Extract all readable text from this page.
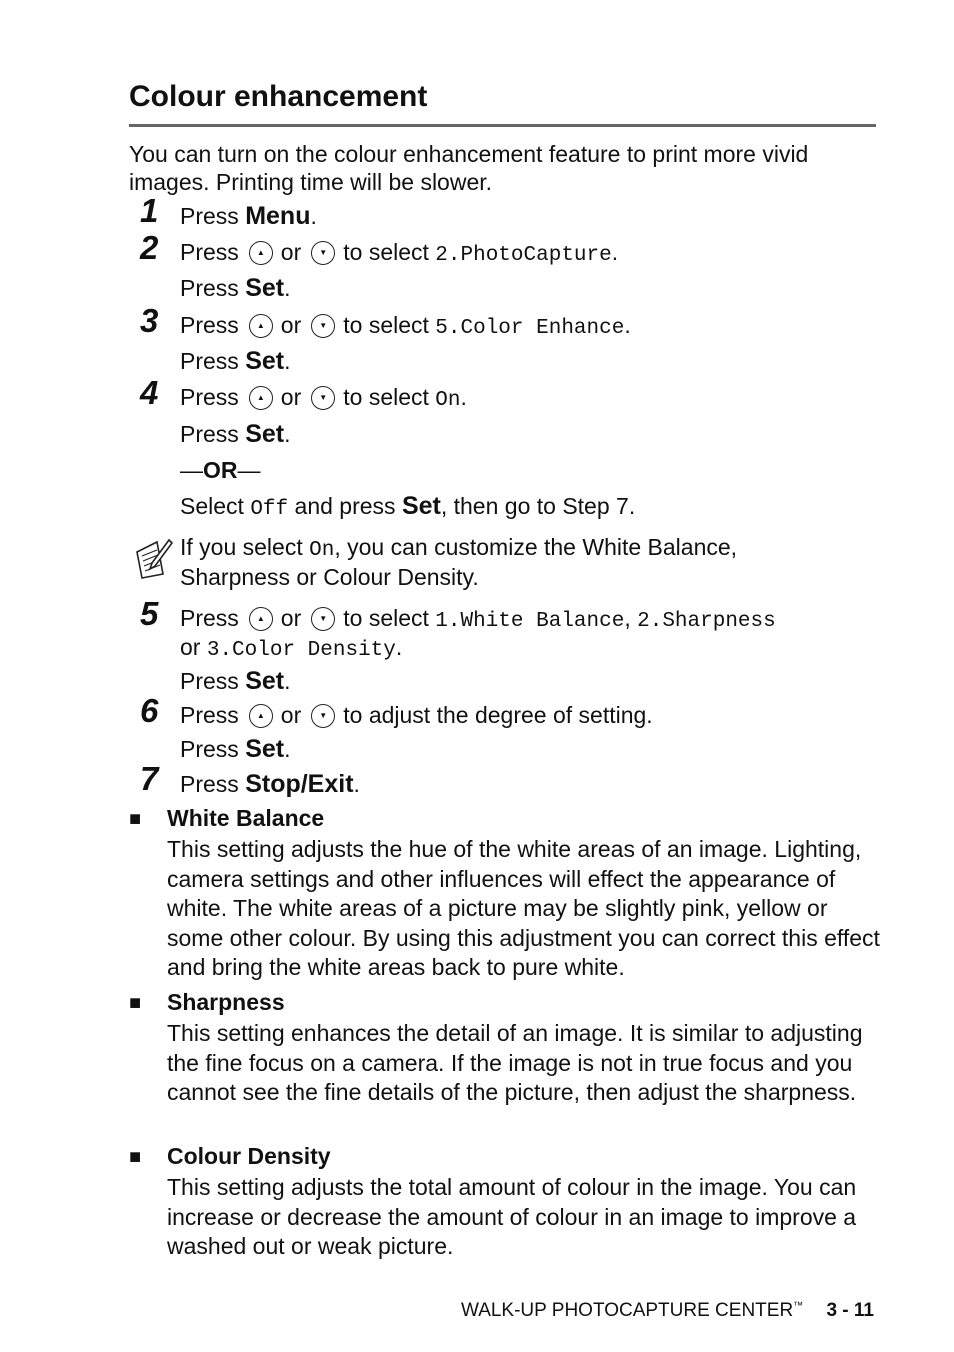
Colour enhancement

You can turn on the colour enhancement feature to print more vivid images. Printing time will be slower.

1 Press Menu.
2 Press	▲ or	▼ to select 2.PhotoCapture.
Press Set.
3 Press	▲ or	▼ to select 5.Color Enhance.
Press Set.
4 Press	▲ or	▼ to select On.
Press Set.
—OR—
Select Off and press Set, then go to Step 7.
If you select On, you can customize the White Balance,
Sharpness or Colour Density.
5 Press	▲ or	▼ to select 1.White Balance, 2.Sharpness
or 3.Color Density.
Press Set.
6 Press	▲ or	▼ to adjust the degree of setting.
Press Set.
7 Press Stop/Exit.
■ White Balance

This setting adjusts the hue of the white areas of an image. Lighting, camera settings and other influences will effect the appearance of white. The white areas of a picture may be slightly pink, yellow or some other colour. By using this adjustment you can correct this effect and bring the white areas back to pure white.

■ Sharpness

This setting enhances the detail of an image. It is similar to adjusting the fine focus on a camera. If the image is not in true focus and you cannot see the fine details of the picture, then adjust the sharpness.

■ Colour Density

This setting adjusts the total amount of colour in the image. You can increase or decrease the amount of colour in an image to improve a washed out or weak picture.

WALK-UP PHOTOCAPTURE CENTER™ 3 - 11
